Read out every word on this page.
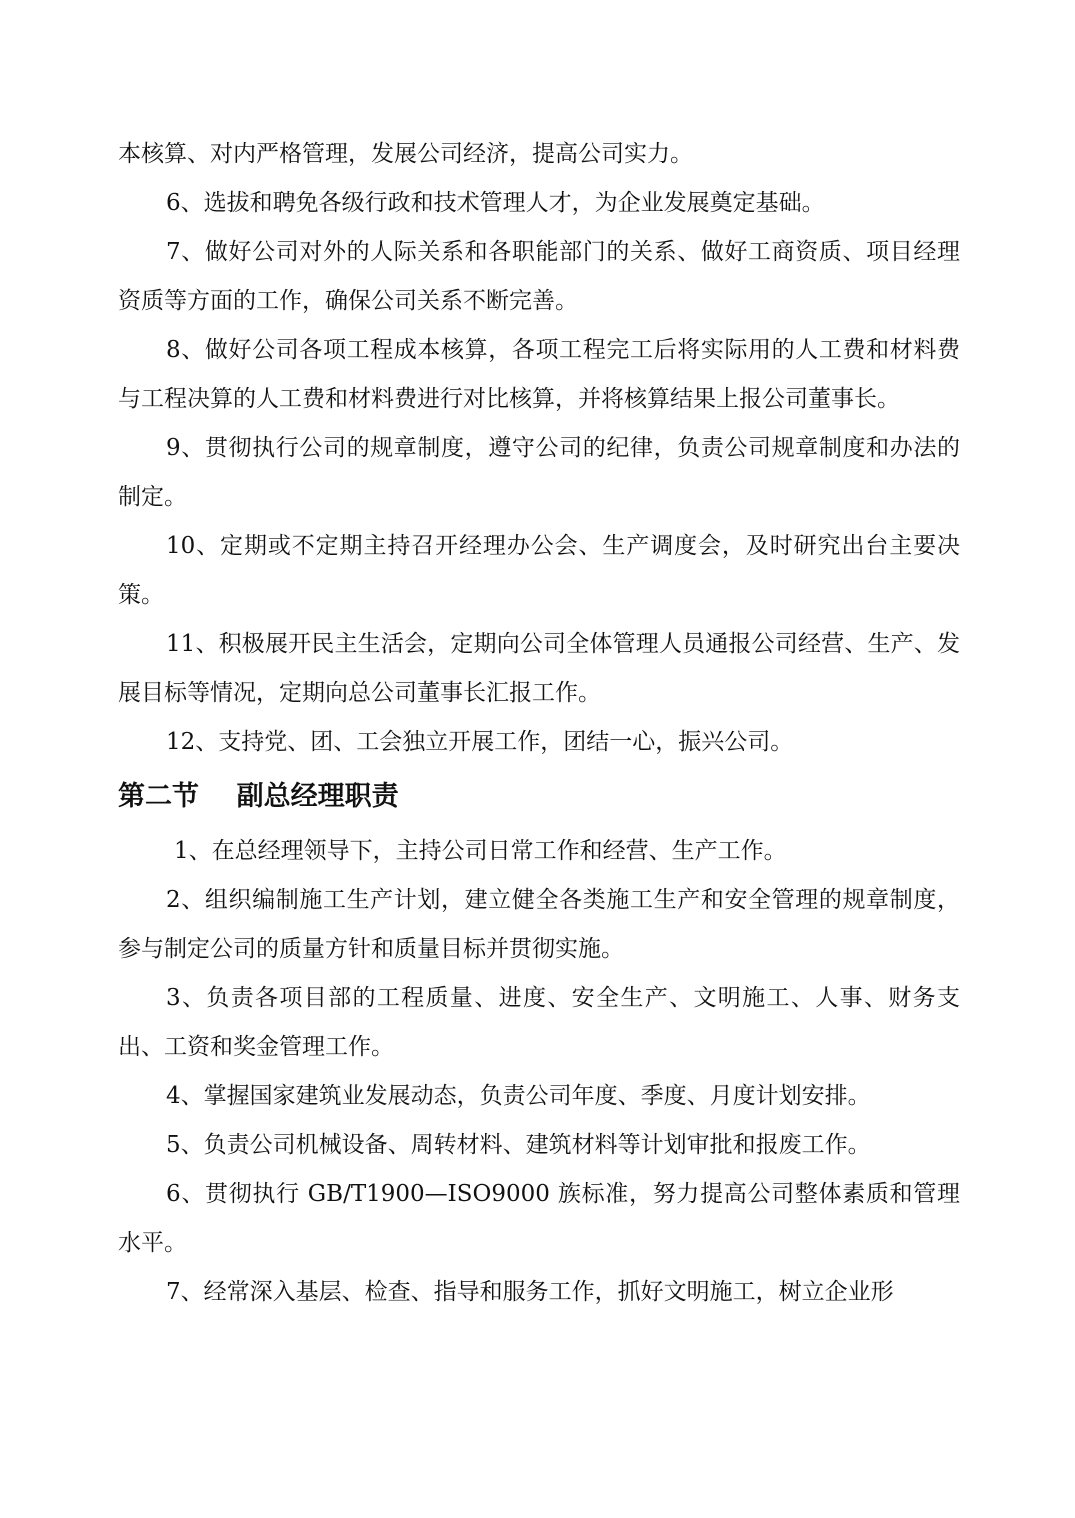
本核算、对内严格管理，发展公司经济，提高公司实力。

6、选拔和聘免各级行政和技术管理人才，为企业发展奠定基础。

7、做好公司对外的人际关系和各职能部门的关系、做好工商资质、项目经理资质等方面的工作，确保公司关系不断完善。

8、做好公司各项工程成本核算，各项工程完工后将实际用的人工费和材料费与工程决算的人工费和材料费进行对比核算，并将核算结果上报公司董事长。

9、贯彻执行公司的规章制度，遵守公司的纪律，负责公司规章制度和办法的制定。

10、定期或不定期主持召开经理办公会、生产调度会，及时研究出台主要决策。

11、积极展开民主生活会，定期向公司全体管理人员通报公司经营、生产、发展目标等情况，定期向总公司董事长汇报工作。

12、支持党、团、工会独立开展工作，团结一心，振兴公司。

第二节    副总经理职责

1、在总经理领导下，主持公司日常工作和经营、生产工作。

2、组织编制施工生产计划，建立健全各类施工生产和安全管理的规章制度，参与制定公司的质量方针和质量目标并贯彻实施。

3、负责各项目部的工程质量、进度、安全生产、文明施工、人事、财务支出、工资和奖金管理工作。

4、掌握国家建筑业发展动态，负责公司年度、季度、月度计划安排。

5、负责公司机械设备、周转材料、建筑材料等计划审批和报废工作。

6、贯彻执行 GB/T1900—ISO9000 族标准，努力提高公司整体素质和管理水平。

7、经常深入基层、检查、指导和服务工作，抓好文明施工，树立企业形
